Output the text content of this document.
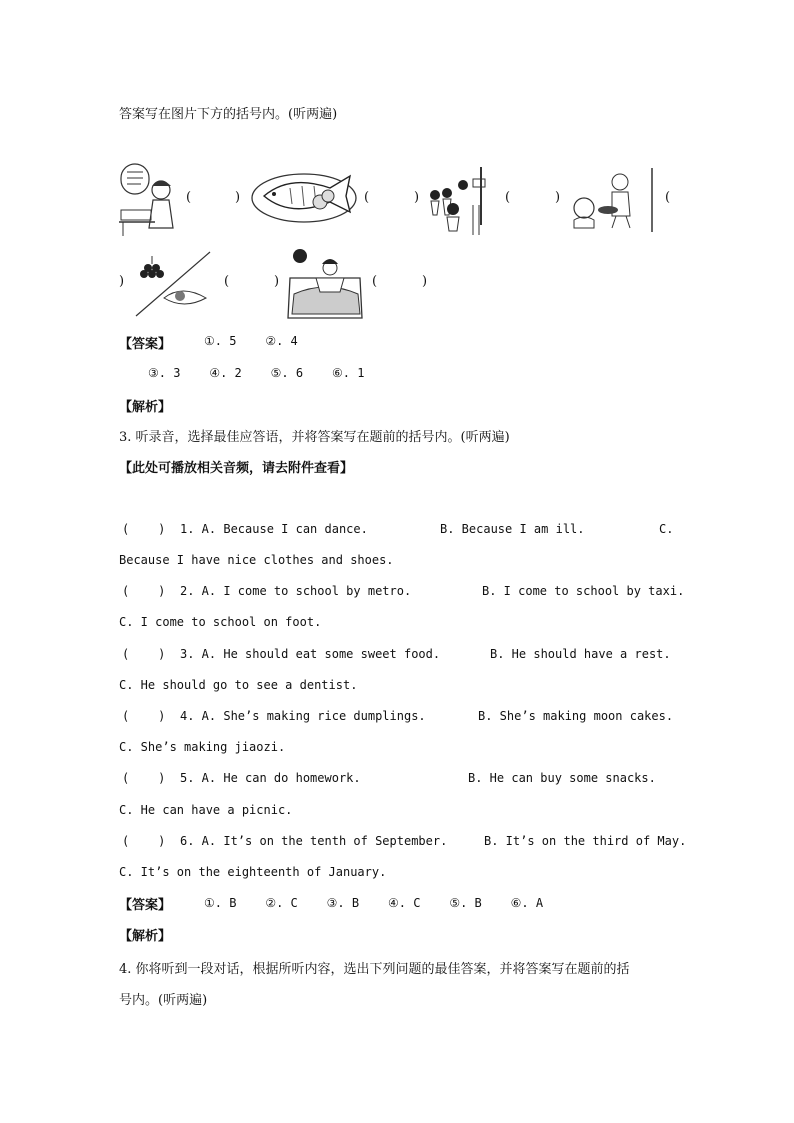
答案写在图片下方的括号内。(听两遍)
(	)	(	)	(	)	(
)	(	)	(	)
【答案】	①. 5    ②. 4
③. 3    ④. 2    ⑤. 6    ⑥. 1
【解析】
3. 听录音，选择最佳应答语，并将答案写在题前的括号内。(听两遍)
【此处可播放相关音频，请去附件查看】
(    ) 1. A. Because I can dance.	B. Because I am ill.	C.
Because I have nice clothes and shoes.
(    ) 2. A. I come to school by metro.	B. I come to school by taxi.
C. I come to school on foot.
(    ) 3. A. He should eat some sweet food.	B. He should have a rest.
C. He should go to see a dentist.
(    ) 4. A. She’s making rice dumplings.	B. She’s making moon cakes.
C. She’s making jiaozi.
(    ) 5. A. He can do homework.	B. He can buy some snacks.
C. He can have a picnic.
(    ) 6. A. It’s on the tenth of September.	B. It’s on the third of May.
C. It’s on the eighteenth of January.
【答案】	①. B    ②. C    ③. B    ④. C    ⑤. B    ⑥. A
【解析】
4. 你将听到一段对话，根据所听内容，选出下列问题的最佳答案，并将答案写在题前的括
号内。(听两遍)
